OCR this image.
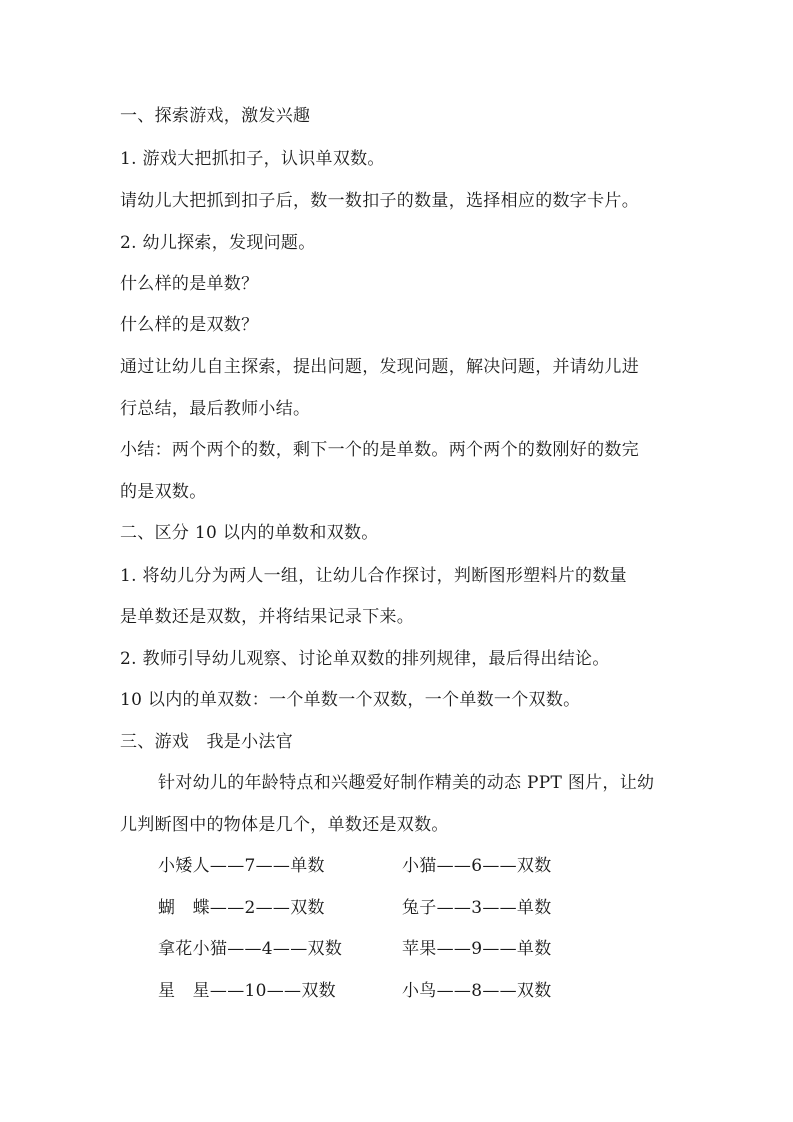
一、探索游戏，激发兴趣
1. 游戏大把抓扣子，认识单双数。
请幼儿大把抓到扣子后，数一数扣子的数量，选择相应的数字卡片。
2. 幼儿探索，发现问题。
什么样的是单数？
什么样的是双数？
通过让幼儿自主探索，提出问题，发现问题，解决问题，并请幼儿进
行总结，最后教师小结。
小结：两个两个的数，剩下一个的是单数。两个两个的数刚好的数完
的是双数。
二、区分 10 以内的单数和双数。
1. 将幼儿分为两人一组，让幼儿合作探讨，判断图形塑料片的数量
是单数还是双数，并将结果记录下来。
2. 教师引导幼儿观察、讨论单双数的排列规律，最后得出结论。
10 以内的单双数：一个单数一个双数，一个单数一个双数。
三、游戏　我是小法官
针对幼儿的年龄特点和兴趣爱好制作精美的动态 PPT 图片，让幼
儿判断图中的物体是几个，单数还是双数。
小矮人——7——单数	小猫——6——双数
蝴　蝶——2——双数	兔子——3——单数
拿花小猫——4——双数	苹果——9——单数
星　星——10——双数	小鸟——8——双数
